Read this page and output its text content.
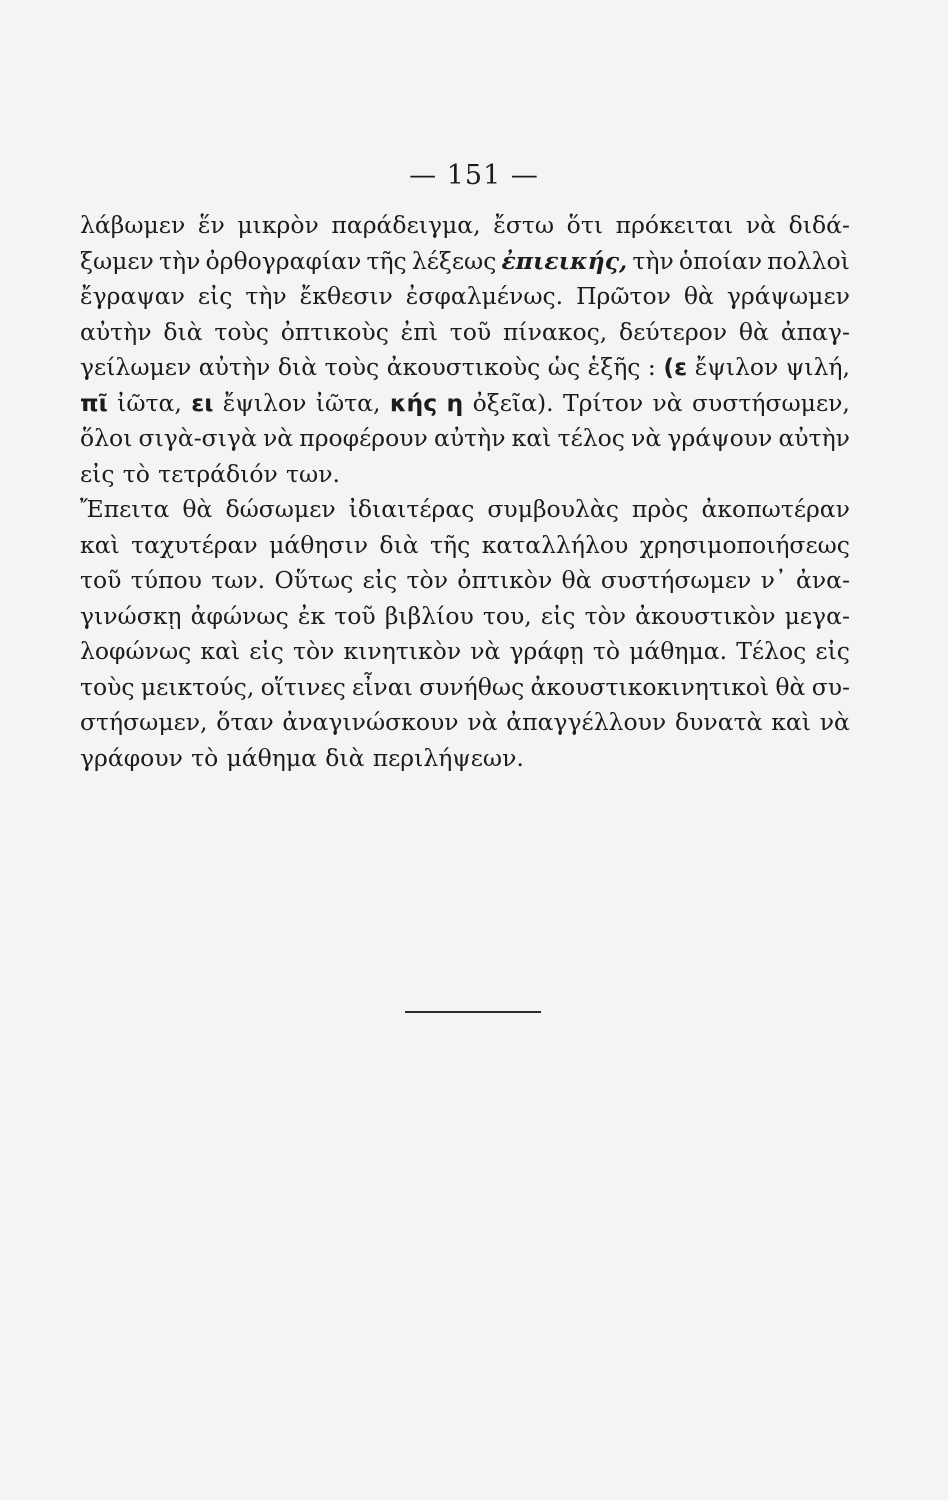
— 151 —
λάβωμεν ἕν μικρὸν παράδειγμα, ἔστω ὅτι πρόκειται νὰ διδά-
ξωμεν τὴν ὀρθογραφίαν τῆς λέξεως ἐπιεικής, τὴν ὁποίαν πολλοὶ
ἔγραψαν εἰς τὴν ἔκθεσιν ἐσφαλμένως. Πρῶτον θὰ γράψωμεν
αὐτὴν διὰ τοὺς ὀπτικοὺς ἐπὶ τοῦ πίνακος, δεύτερον θὰ ἀπαγ-
γείλωμεν αὐτὴν διὰ τοὺς ἀκουστικοὺς ὡς ἑξῆς : (ε ἔψιλον ψιλή,
πῖ ἰῶτα, ει ἔψιλον ἰῶτα, κής η ὀξεῖα). Τρίτον νὰ συστήσωμεν,
ὅλοι σιγὰ-σιγὰ νὰ προφέρουν αὐτὴν καὶ τέλος νὰ γράψουν αὐτὴν
εἰς τὸ τετράδιόν των.
Ἔπειτα θὰ δώσωμεν ἰδιαιτέρας συμβουλὰς πρὸς ἀκοπωτέραν
καὶ ταχυτέραν μάθησιν διὰ τῆς καταλλήλου χρησιμοποιήσεως
τοῦ τύπου των. Οὕτως εἰς τὸν ὀπτικὸν θὰ συστήσωμεν ν᾽ ἀνα-
γινώσκῃ ἀφώνως ἐκ τοῦ βιβλίου του, εἰς τὸν ἀκουστικὸν μεγα-
λοφώνως καὶ εἰς τὸν κινητικὸν νὰ γράφῃ τὸ μάθημα. Τέλος εἰς
τοὺς μεικτούς, οἵτινες εἶναι συνήθως ἀκουστικοκινητικοὶ θὰ συ-
στήσωμεν, ὅταν ἀναγινώσκουν νὰ ἀπαγγέλλουν δυνατὰ καὶ νὰ
γράφουν τὸ μάθημα διὰ περιλήψεων.
